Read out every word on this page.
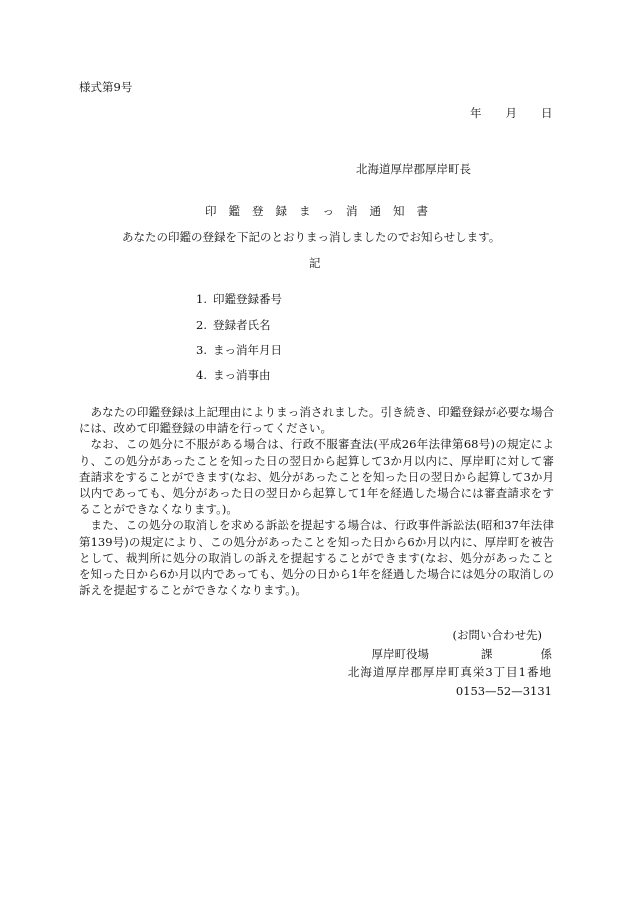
様式第9号
年 月 日
北海道厚岸郡厚岸町長
印鑑登録まっ消通知書
あなたの印鑑の登録を下記のとおりまっ消しましたのでお知らせします。
記
1. 印鑑登録番号
2. 登録者氏名
3. まっ消年月日
4. まっ消事由

あなたの印鑑登録は上記理由によりまっ消されました。引き続き、印鑑登録が必要な場合には、改めて印鑑登録の申請を行ってください。

なお、この処分に不服がある場合は、行政不服審査法(平成26年法律第68号)の規定により、この処分があったことを知った日の翌日から起算して3か月以内に、厚岸町に対して審査請求をすることができます(なお、処分があったことを知った日の翌日から起算して3か月以内であっても、処分があった日の翌日から起算して1年を経過した場合には審査請求をすることができなくなります。)。

また、この処分の取消しを求める訴訟を提起する場合は、行政事件訴訟法(昭和37年法律第139号)の規定により、この処分があったことを知った日から6か月以内に、厚岸町を被告として、裁判所に処分の取消しの訴えを提起することができます(なお、処分があったことを知った日から6か月以内であっても、処分の日から1年を経過した場合には処分の取消しの訴えを提起することができなくなります。)。

(お問い合わせ先)
厚岸町役場	課	係
北海道厚岸郡厚岸町真栄3丁目1番地
0153—52—3131
